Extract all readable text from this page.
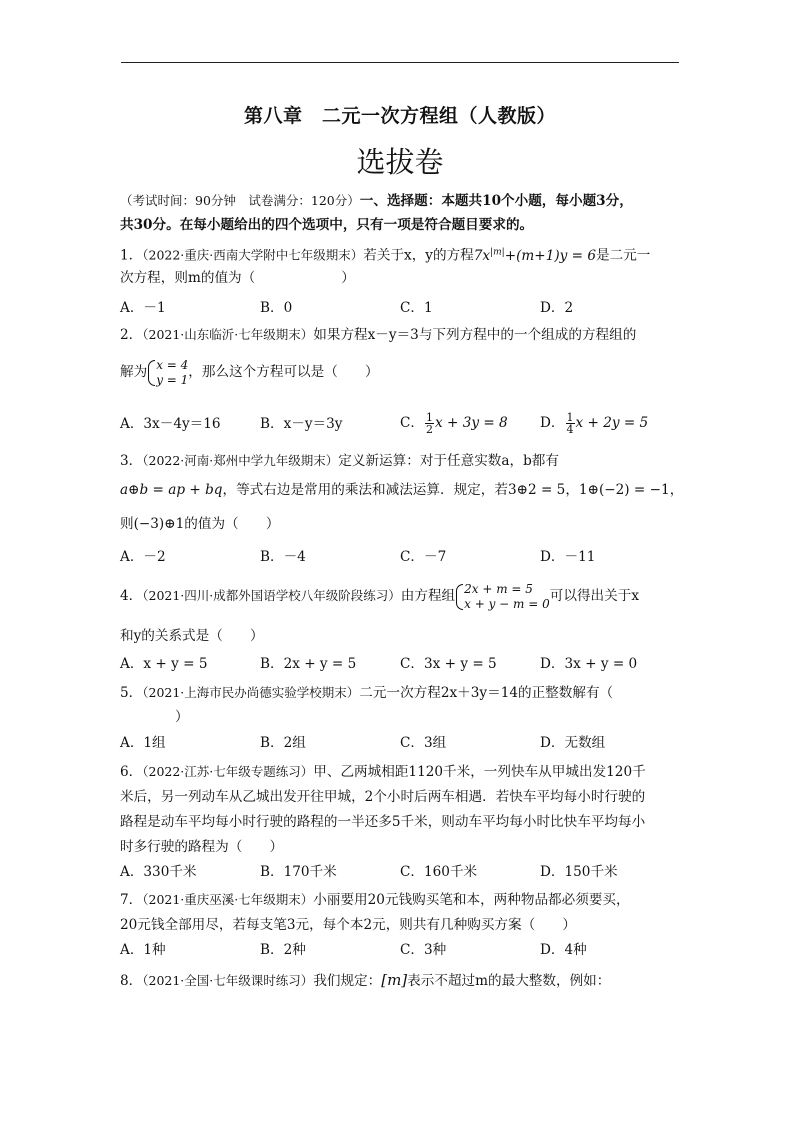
第八章　二元一次方程组（人教版）
选拔卷
（考试时间：90分钟　试卷满分：120分）一、选择题：本题共10个小题，每小题3分，
共30分。在每小题给出的四个选项中，只有一项是符合题目要求的。
1．（2022·重庆·西南大学附中七年级期末）若关于x，y的方程$7x^{|m|}+(m+1)y = 6$是二元一
次方程，则m的值为（	）
A．－1	B．0	C．1	D．2
2．（2021·山东临沂·七年级期末）如果方程x－y＝3与下列方程中的一个组成的方程组的
解为 x = 4
y = 1 ，那么这个方程可以是（　　）
A．3x－4y＝16	B．x－y＝3y	C． $\frac{1}{2}$ x + 3y = 8 D． $\frac{1}{4}$ x + 2y = 5
3．（2022·河南·郑州中学九年级期末）定义新运算：对于任意实数a，b都有
a⊕b = ap + bq，等式右边是常用的乘法和减法运算．规定，若3⊕2 = 5，1⊕(−2) = −1，
则(−3)⊕1的值为（　　）
A．－2	B．－4	C．－7	D．－11
4．（2021·四川·成都外国语学校八年级阶段练习）由方程组 2x + m = 5
x + y − m = 0 可以得出关于x
和y的关系式是（　　）
A．x + y = 5	B．2x + y = 5	C．3x + y = 5	D．3x + y = 0
5．（2021·上海市民办尚德实验学校期末）二元一次方程2x＋3y＝14的正整数解有（
）
A．1组	B．2组	C．3组	D．无数组
6．（2022·江苏·七年级专题练习）甲、乙两城相距1120千米，一列快车从甲城出发120千
米后，另一列动车从乙城出发开往甲城，2个小时后两车相遇．若快车平均每小时行驶的
路程是动车平均每小时行驶的路程的一半还多5千米，则动车平均每小时比快车平均每小
时多行驶的路程为（　　）
A．330千米	B．170千米	C．160千米	D．150千米
7．（2021·重庆巫溪·七年级期末）小丽要用20元钱购买笔和本，两种物品都必须要买，
20元钱全部用尽，若每支笔3元，每个本2元，则共有几种购买方案（　　）
A．1种	B．2种	C．3种	D．4种
8．（2021·全国·七年级课时练习）我们规定：[m]表示不超过m的最大整数，例如：
